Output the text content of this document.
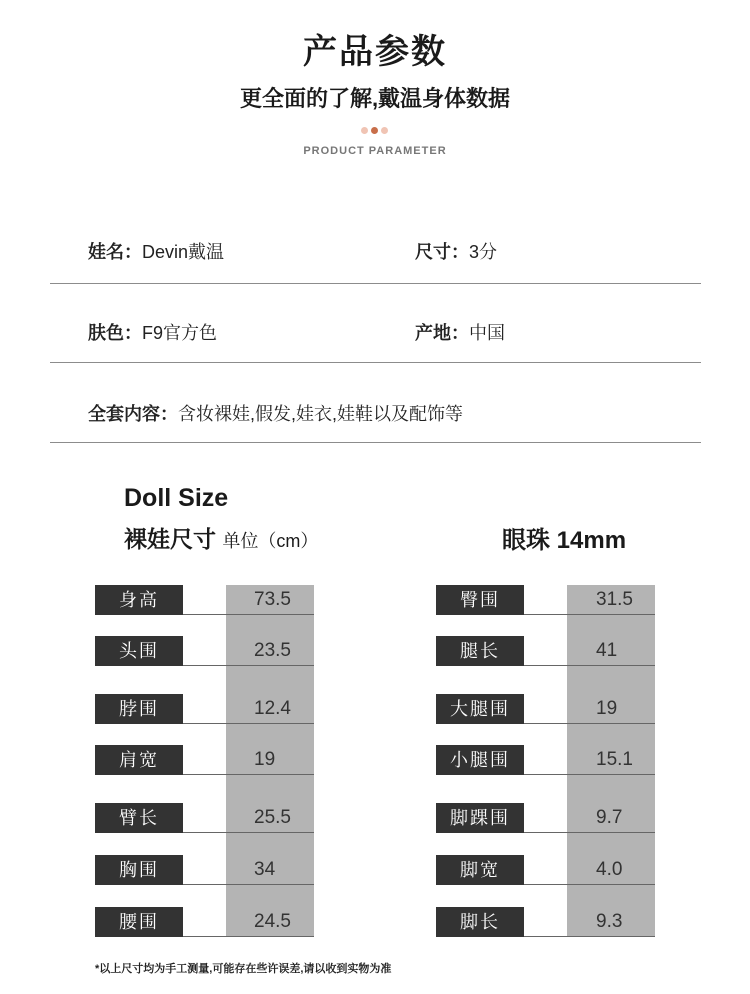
产品参数
更全面的了解,戴温身体数据
PRODUCT PARAMETER
娃名：Devin戴温	尺寸：3分
肤色：F9官方色	产地：中国
全套内容：含妆裸娃,假发,娃衣,娃鞋以及配饰等
Doll Size
裸娃尺寸 单位（cm）	眼珠 14mm
身高	73.5
头围	23.5
脖围	12.4
肩宽	19
臂长	25.5
胸围	34
腰围	24.5
臀围	31.5
腿长	41
大腿围	19
小腿围	15.1
脚踝围	9.7
脚宽	4.0
脚长	9.3
*以上尺寸均为手工测量,可能存在些许误差,请以收到实物为准
